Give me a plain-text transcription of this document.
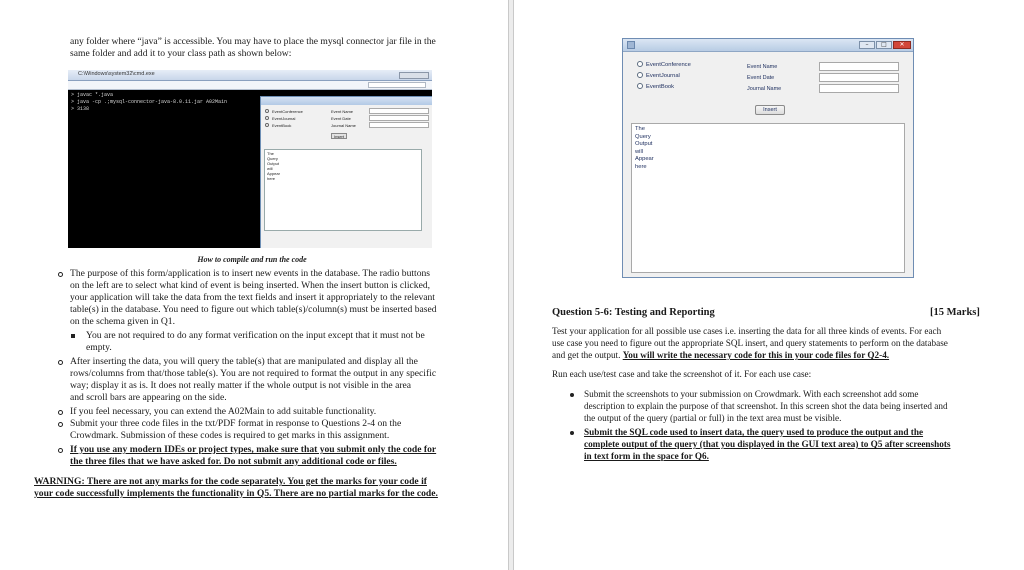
any folder where “java” is accessible. You may have to place the mysql connector jar file in the
same folder and add it to your class path as shown below:
C:\Windows\system32\cmd.exe
> javac *.java
> java -cp .;mysql-connector-java-8.0.11.jar A02Main
> 3138	EventConference
EventJournal
EventBook
Event Name
Event Date
Journal Name
Insert
The
Query
Output
will
Appear
here
How to compile and run the code
The purpose of this form/application is to insert new events in the database. The radio buttons
on the left are to select what kind of event is being inserted. When the insert button is clicked,
your application will take the data from the text fields and insert it appropriately to the relevant
table(s) in the database. You need to figure out which table(s)/column(s) must be inserted based
on the schema given in Q1.
You are not required to do any format verification on the input except that it must not be
empty.
After inserting the data, you will query the table(s) that are manipulated and display all the
rows/columns from that/those table(s). You are not required to format the output in any specific
way; display it as is. It does not really matter if the whole output is not visible in the area
and scroll bars are appearing on the side.
If you feel necessary, you can extend the A02Main to add suitable functionality.
Submit your three code files in the txt/PDF format in response to Questions 2-4 on the
Crowdmark. Submission of these codes is required to get marks in this assignment.
If you use any modern IDEs or project types, make sure that you submit only the code for
the three files that we have asked for. Do not submit any additional code or files.
WARNING: There are not any marks for the code separately. You get the marks for your code if
your code successfully implements the functionality in Q5. There are no partial marks for the code.
–	□	✕
EventConference
EventJournal
EventBook
Event Name
Event Date
Journal Name
Insert
The
Query
Output
will
Appear
here
Question 5-6: Testing and Reporting	[15 Marks]
Test your application for all possible use cases i.e. inserting the data for all three kinds of events. For each
use case you need to figure out the appropriate SQL insert, and query statements to perform on the database
and get the output. You will write the necessary code for this in your code files for Q2-4.
Run each use/test case and take the screenshot of it. For each use case:
Submit the screenshots to your submission on Crowdmark. With each screenshot add some
description to explain the purpose of that screenshot. In this screen shot the data being inserted and
the output of the query (partial or full) in the text area must be visible.
Submit the SQL code used to insert data, the query used to produce the output and the
complete output of the query (that you displayed in the GUI text area) to Q5 after screenshots
in text form in the space for Q6.
